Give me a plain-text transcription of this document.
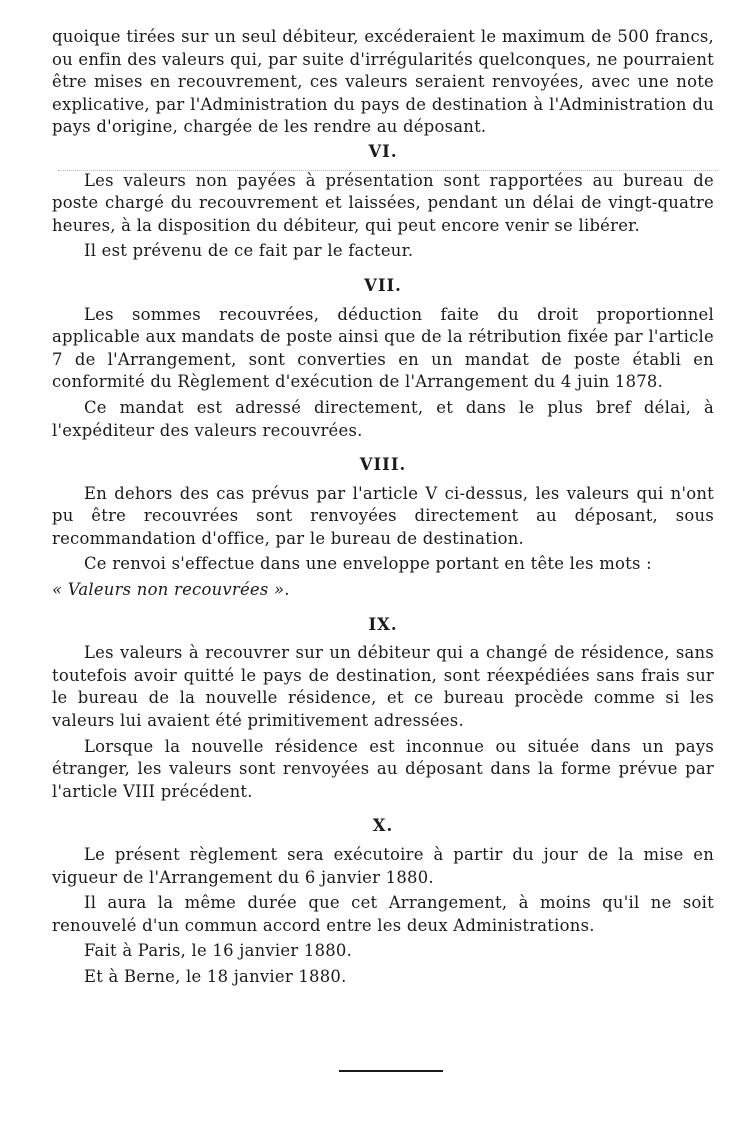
quoique tirées sur un seul débiteur, excéderaient le maximum de 500 francs, ou enfin des valeurs qui, par suite d'irrégularités quelconques, ne pourraient être mises en recouvrement, ces valeurs seraient renvoyées, avec une note explicative, par l'Administration du pays de destination à l'Administration du pays d'origine, chargée de les rendre au déposant.

VI.

Les valeurs non payées à présentation sont rapportées au bureau de poste chargé du recouvrement et laissées, pendant un délai de vingt-quatre heures, à la disposition du débiteur, qui peut encore venir se libérer.

Il est prévenu de ce fait par le facteur.

VII.

Les sommes recouvrées, déduction faite du droit proportionnel applicable aux mandats de poste ainsi que de la rétribution fixée par l'article 7 de l'Arrangement, sont converties en un mandat de poste établi en conformité du Règlement d'exécution de l'Arrangement du 4 juin 1878.

Ce mandat est adressé directement, et dans le plus bref délai, à l'expéditeur des valeurs recouvrées.

VIII.

En dehors des cas prévus par l'article V ci-dessus, les valeurs qui n'ont pu être recouvrées sont renvoyées directement au déposant, sous recommandation d'office, par le bureau de destination.

Ce renvoi s'effectue dans une enveloppe portant en tête les mots :

« Valeurs non recouvrées ».

IX.

Les valeurs à recouvrer sur un débiteur qui a changé de résidence, sans toutefois avoir quitté le pays de destination, sont réexpédiées sans frais sur le bureau de la nouvelle résidence, et ce bureau procède comme si les valeurs lui avaient été primitivement adressées.

Lorsque la nouvelle résidence est inconnue ou située dans un pays étranger, les valeurs sont renvoyées au déposant dans la forme prévue par l'article VIII précédent.

X.

Le présent règlement sera exécutoire à partir du jour de la mise en vigueur de l'Arrangement du 6 janvier 1880.

Il aura la même durée que cet Arrangement, à moins qu'il ne soit renouvelé d'un commun accord entre les deux Administrations.

Fait à Paris, le 16 janvier 1880.

Et à Berne, le 18 janvier 1880.
